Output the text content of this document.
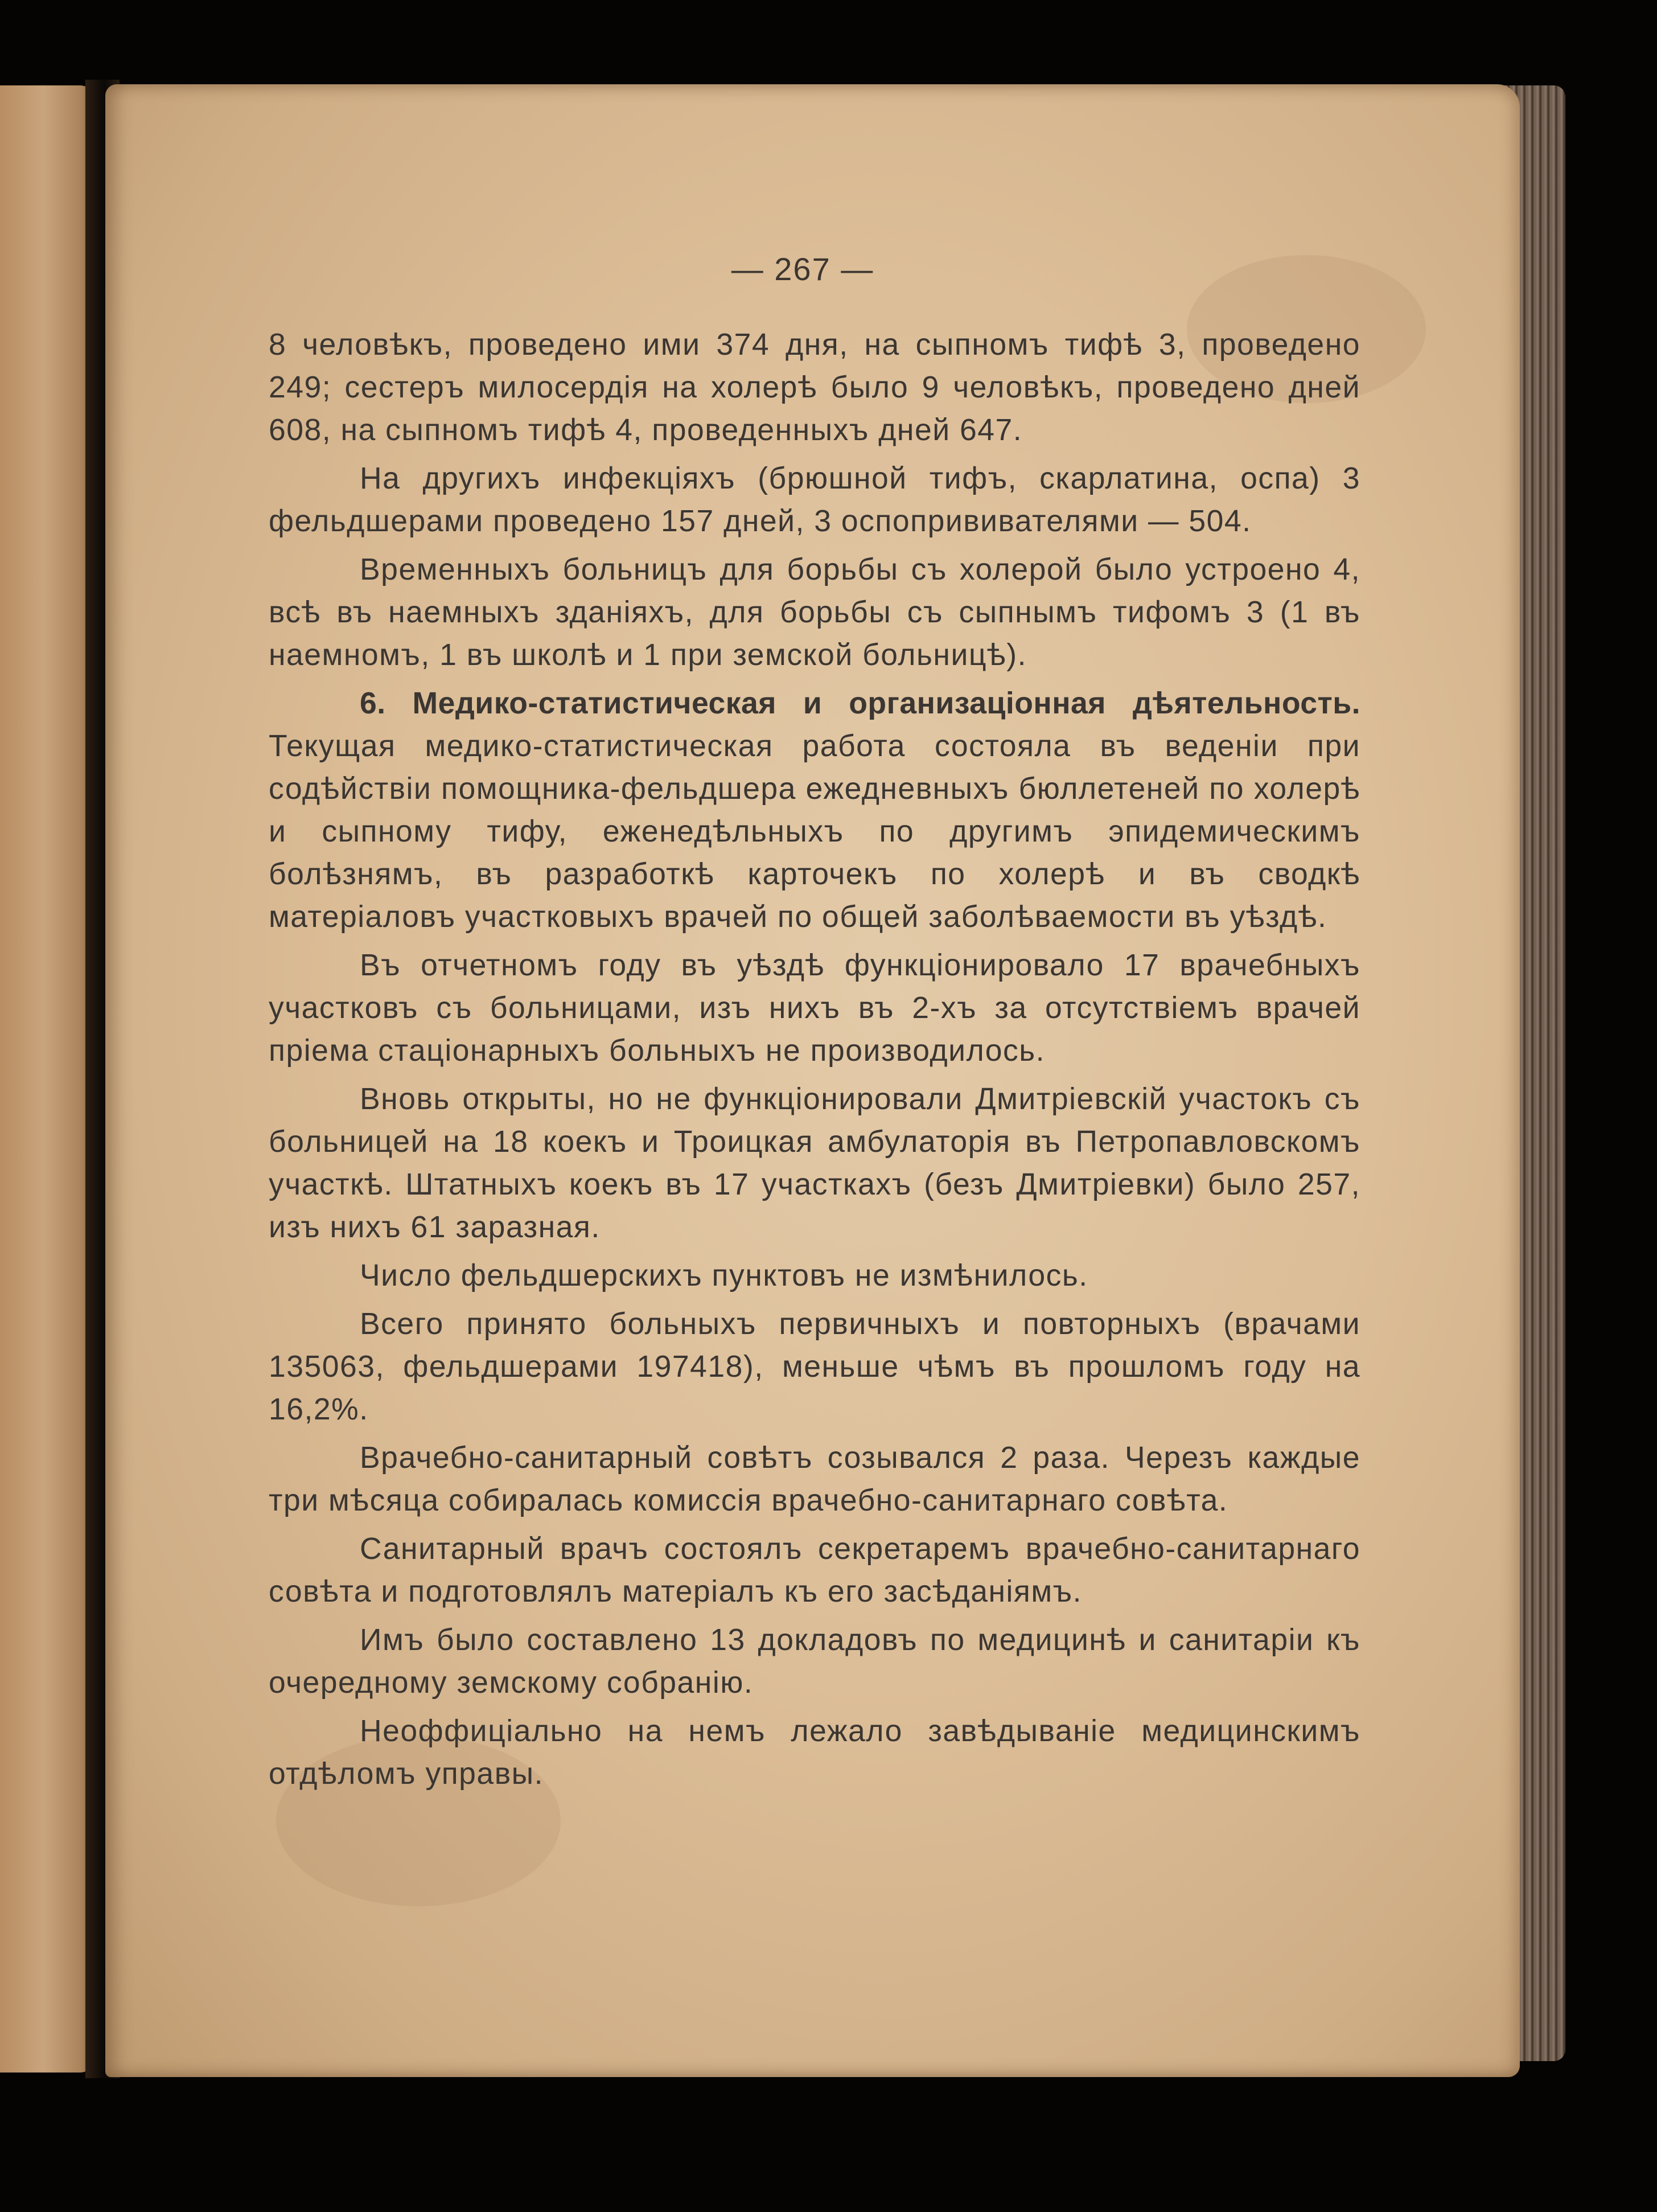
— 267 —

8 человѣкъ, проведено ими 374 дня, на сыпномъ тифѣ 3, проведено 249; сестеръ милосердія на холерѣ было 9 человѣкъ, проведено дней 608, на сыпномъ тифѣ 4, проведенныхъ дней 647.

На другихъ инфекціяхъ (брюшной тифъ, скарлатина, оспа) 3 фельдшерами проведено 157 дней, 3 оспопрививателями — 504.

Временныхъ больницъ для борьбы съ холерой было устроено 4, всѣ въ наемныхъ зданіяхъ, для борьбы съ сыпнымъ тифомъ 3 (1 въ наемномъ, 1 въ школѣ и 1 при земской больницѣ).

6. Медико-статистическая и организаціонная дѣятельность. Текущая медико-статистическая работа состояла въ веденіи при содѣйствіи помощника-фельдшера ежедневныхъ бюллетеней по холерѣ и сыпному тифу, еженедѣльныхъ по другимъ эпидемическимъ болѣзнямъ, въ разработкѣ карточекъ по холерѣ и въ сводкѣ матеріаловъ участковыхъ врачей по общей заболѣваемости въ уѣздѣ.

Въ отчетномъ году въ уѣздѣ функціонировало 17 врачебныхъ участковъ съ больницами, изъ нихъ въ 2-хъ за отсутствіемъ врачей пріема стаціонарныхъ больныхъ не производилось.

Вновь открыты, но не функціонировали Дмитріевскій участокъ съ больницей на 18 коекъ и Троицкая амбулаторія въ Петропавловскомъ участкѣ. Штатныхъ коекъ въ 17 участкахъ (безъ Дмитріевки) было 257, изъ нихъ 61 заразная.

Число фельдшерскихъ пунктовъ не измѣнилось.

Всего принято больныхъ первичныхъ и повторныхъ (врачами 135063, фельдшерами 197418), меньше чѣмъ въ прошломъ году на 16,2%.

Врачебно-санитарный совѣтъ созывался 2 раза. Черезъ каждые три мѣсяца собиралась комиссія врачебно-санитарнаго совѣта.

Санитарный врачъ состоялъ секретаремъ врачебно-санитарнаго совѣта и подготовлялъ матеріалъ къ его засѣданіямъ.

Имъ было составлено 13 докладовъ по медицинѣ и санитаріи къ очередному земскому собранію.

Неоффиціально на немъ лежало завѣдываніе медицинскимъ отдѣломъ управы.
